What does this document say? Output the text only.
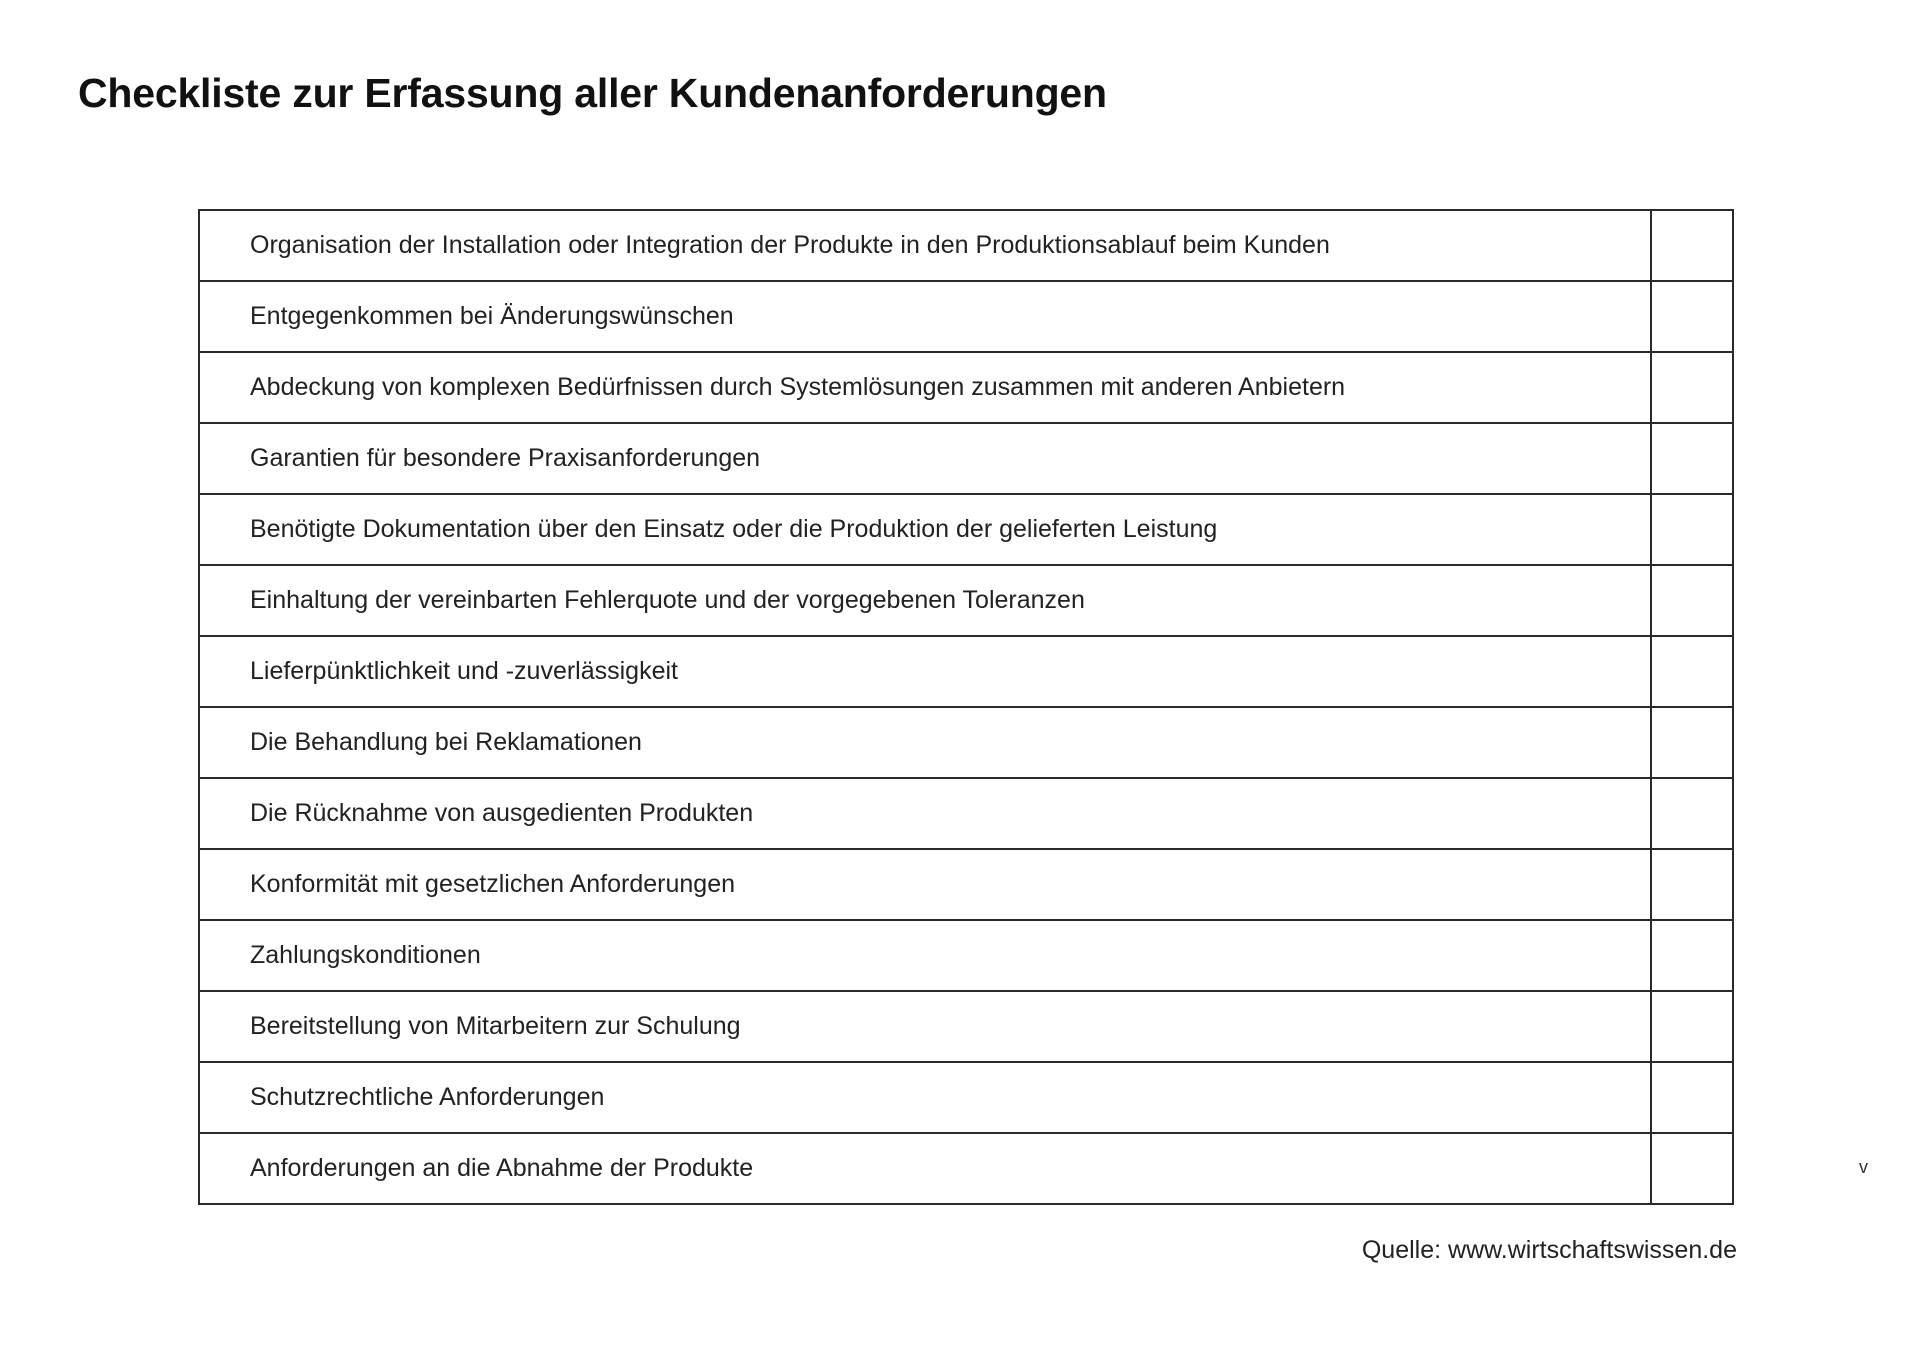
Checkliste zur Erfassung aller Kundenanforderungen
Organisation der Installation oder Integration der Produkte in den Produktionsablauf beim Kunden	
Entgegenkommen bei Änderungswünschen	
Abdeckung von komplexen Bedürfnissen durch Systemlösungen zusammen mit anderen Anbietern	
Garantien für besondere Praxisanforderungen	
Benötigte Dokumentation über den Einsatz oder die Produktion der gelieferten Leistung	
Einhaltung der vereinbarten Fehlerquote und der vorgegebenen Toleranzen	
Lieferpünktlichkeit und -zuverlässigkeit	
Die Behandlung bei Reklamationen	
Die Rücknahme von ausgedienten Produkten	
Konformität mit gesetzlichen Anforderungen	
Zahlungskonditionen	
Bereitstellung von Mitarbeitern zur Schulung	
Schutzrechtliche Anforderungen	
Anforderungen an die Abnahme der Produkte	
Quelle: www.wirtschaftswissen.de
v
